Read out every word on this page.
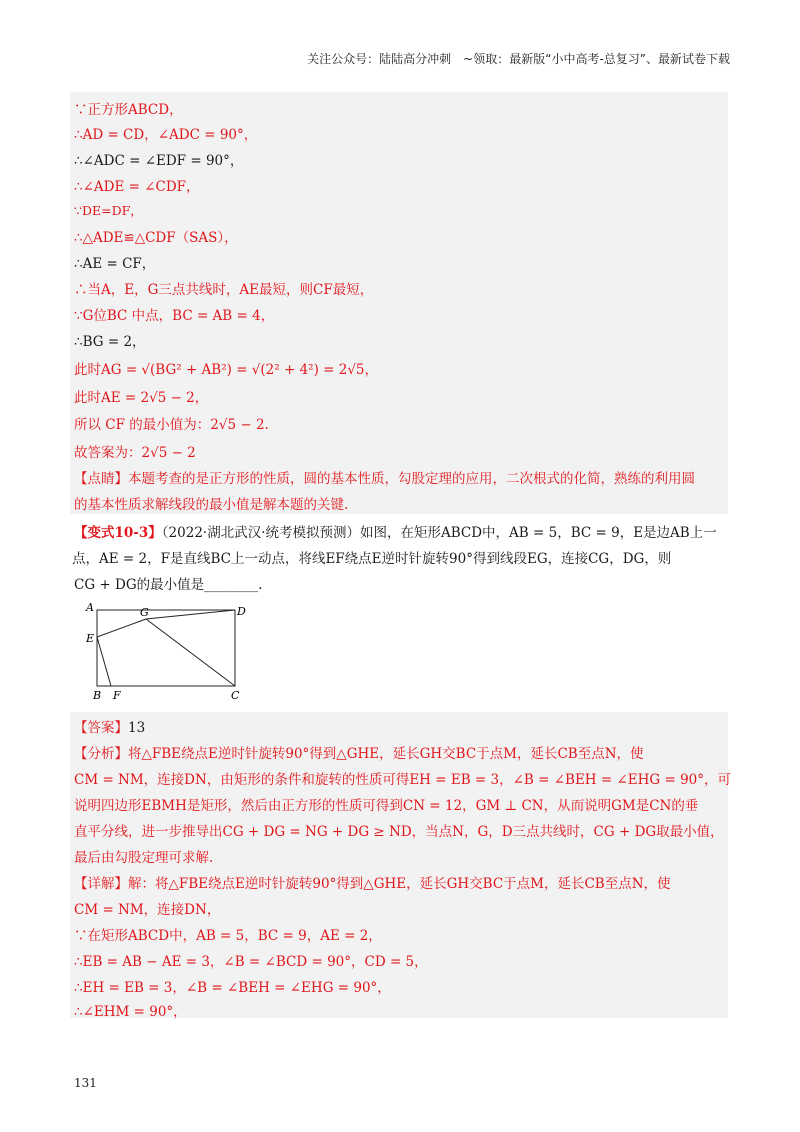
关注公众号：陆陆高分冲刺　~领取：最新版“小中高考-总复习”、最新试卷下载
∵正方形ABCD，
∴AD = CD，∠ADC = 90°，
∴∠ADC = ∠EDF = 90°，
∴∠ADE = ∠CDF，
∵DE=DF，
∴△ADE≌△CDF（SAS），
∴AE = CF，
∴当A，E，G三点共线时，AE最短，则CF最短，
∵G位BC 中点，BC = AB = 4，
∴BG = 2，
此时AG = √(BG² + AB²) = √(2² + 4²) = 2√5，
此时AE = 2√5 − 2，
所以 CF 的最小值为：2√5 − 2.
故答案为：2√5 − 2
【点睛】本题考查的是正方形的性质，圆的基本性质，勾股定理的应用，二次根式的化简，熟练的利用圆
的基本性质求解线段的最小值是解本题的关键.
【变式10-3】（2022·湖北武汉·统考模拟预测）如图，在矩形ABCD中，AB = 5，BC = 9，E是边AB上一
点，AE = 2，F是直线BC上一动点，将线EF绕点E逆时针旋转90°得到线段EG，连接CG，DG，则
CG + DG的最小值是________.
A	D
G
E
B F	C
【答案】13
【分析】将△FBE绕点E逆时针旋转90°得到△GHE，延长GH交BC于点M，延长CB至点N，使
CM = NM，连接DN，由矩形的条件和旋转的性质可得EH = EB = 3，∠B = ∠BEH = ∠EHG = 90°，可
说明四边形EBMH是矩形，然后由正方形的性质可得到CN = 12，GM ⊥ CN，从而说明GM是CN的垂
直平分线，进一步推导出CG + DG = NG + DG ≥ ND，当点N，G，D三点共线时，CG + DG取最小值，
最后由勾股定理可求解.
【详解】解：将△FBE绕点E逆时针旋转90°得到△GHE，延长GH交BC于点M，延长CB至点N，使
CM = NM，连接DN，
∵在矩形ABCD中，AB = 5，BC = 9，AE = 2，
∴EB = AB − AE = 3，∠B = ∠BCD = 90°，CD = 5，
∴EH = EB = 3，∠B = ∠BEH = ∠EHG = 90°，
∴∠EHM = 90°，
131
